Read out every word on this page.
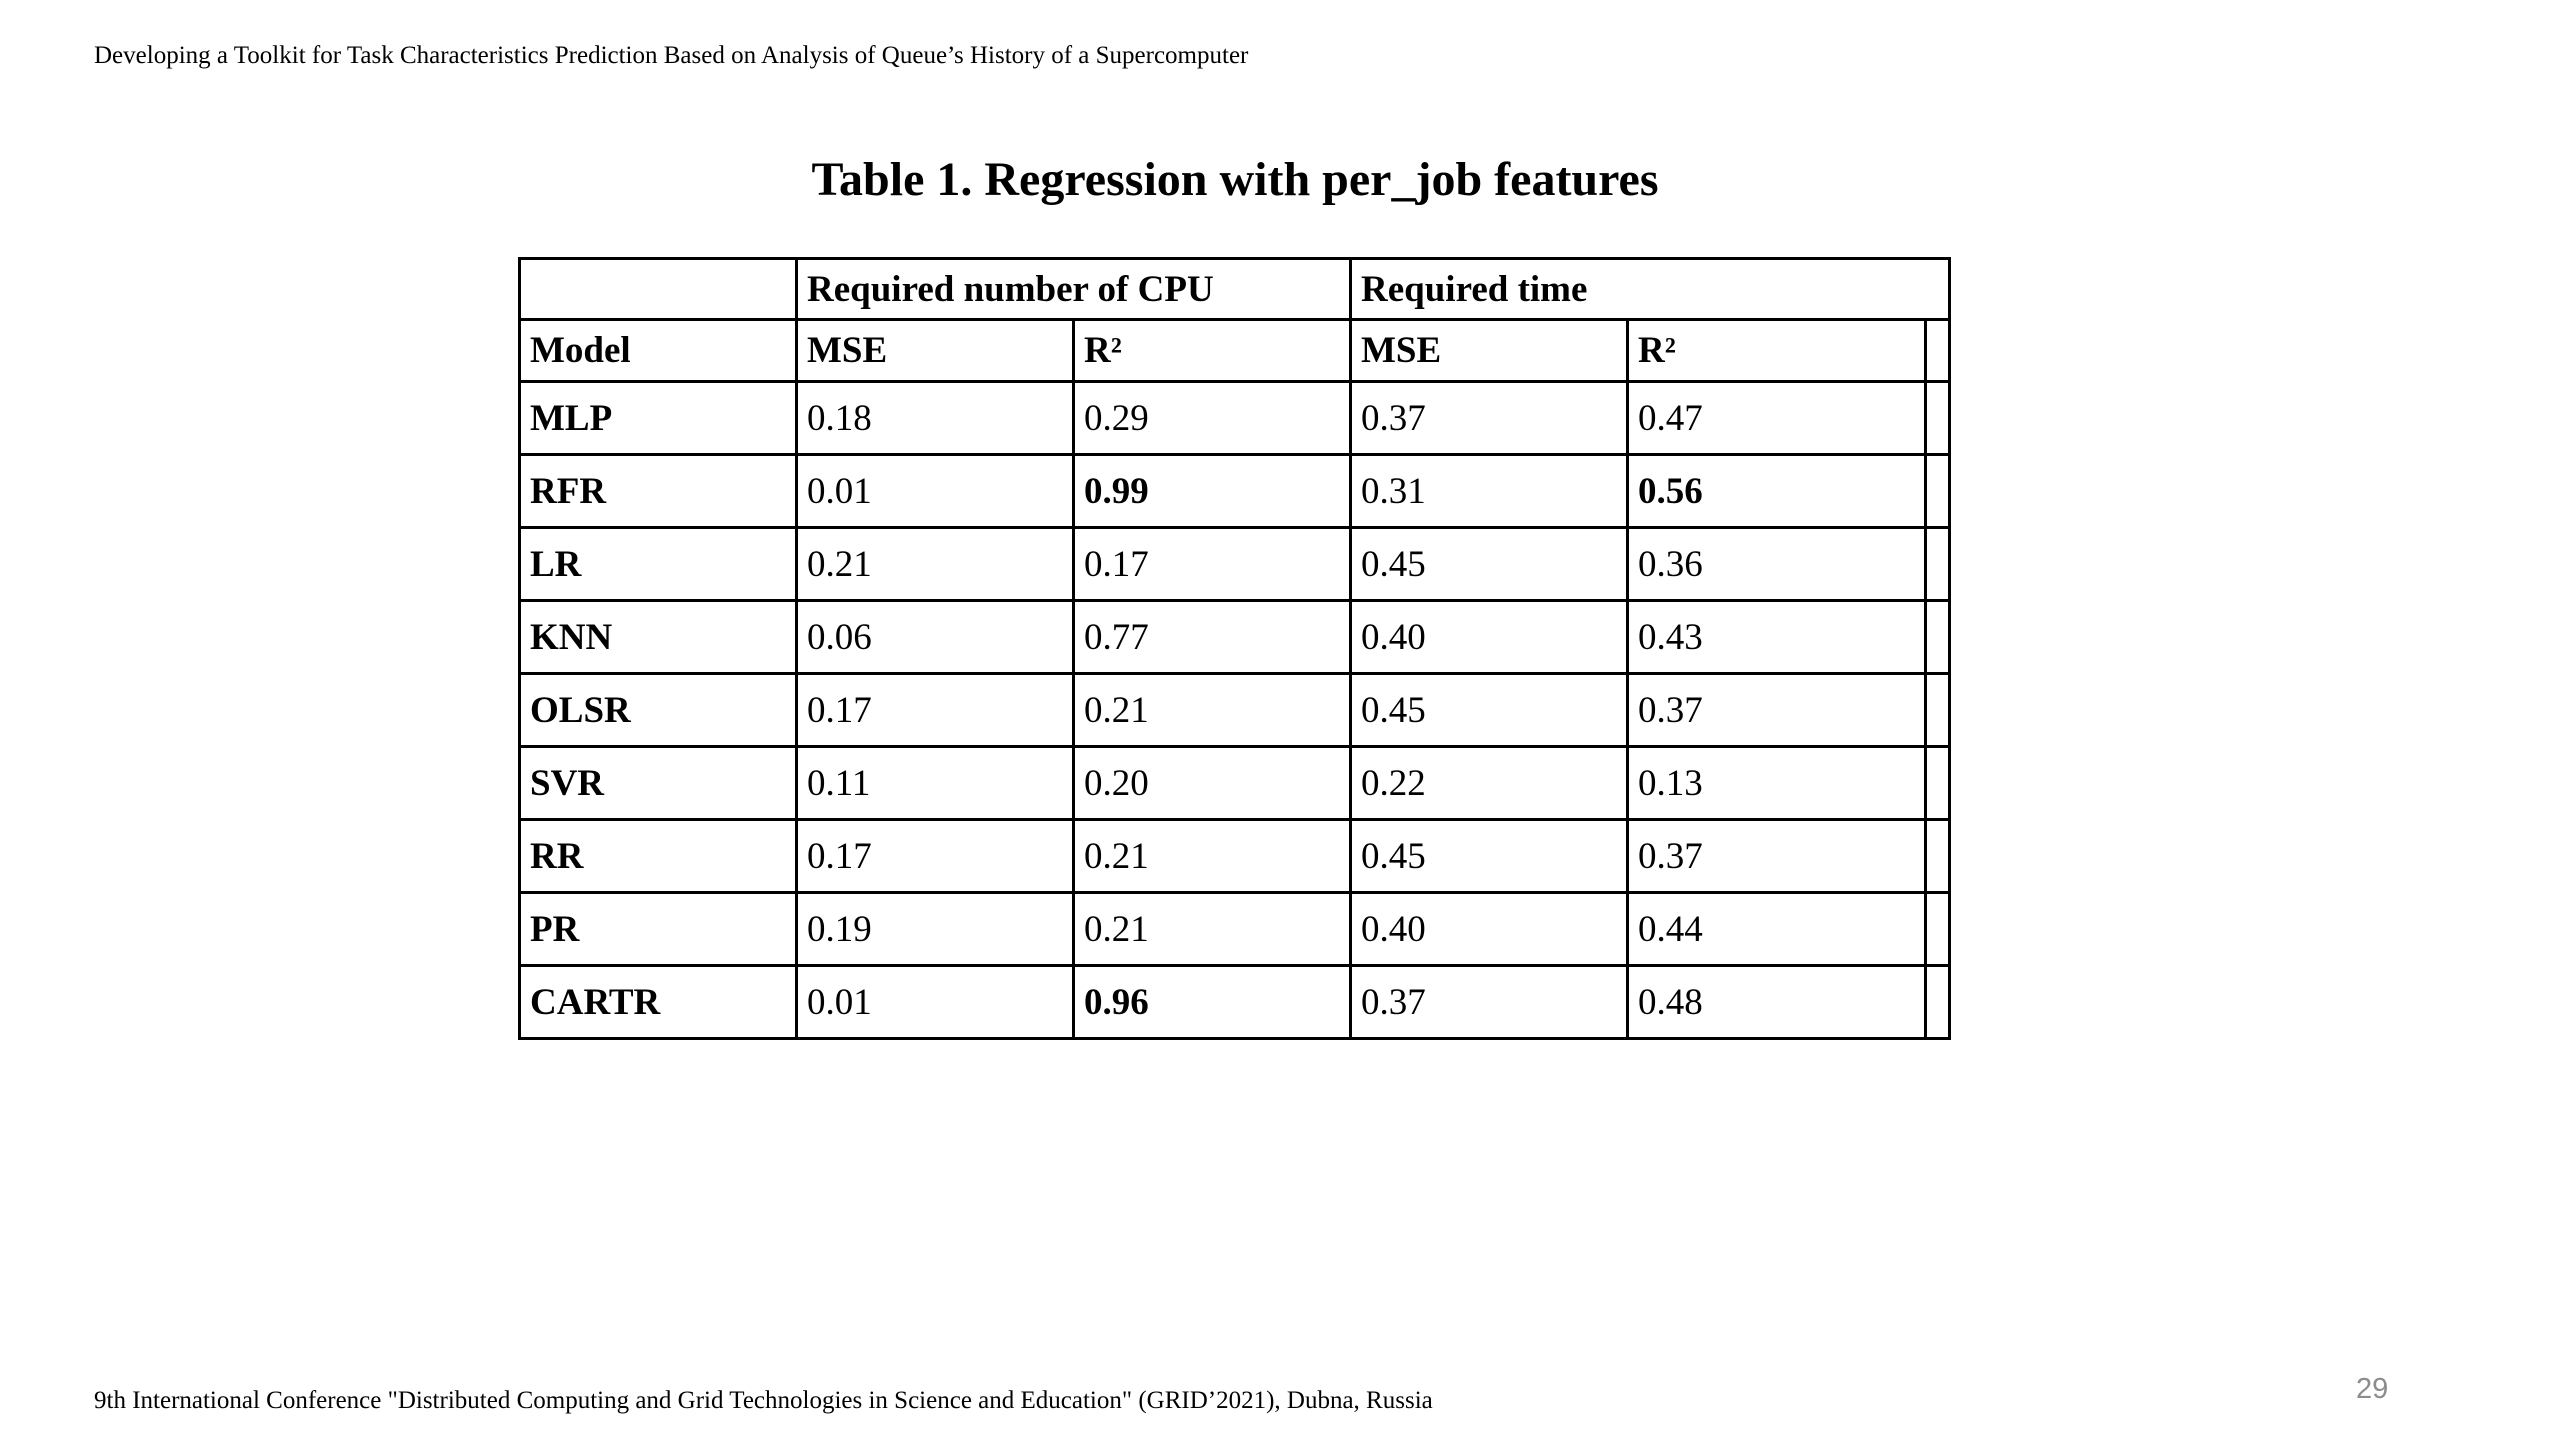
Developing a Toolkit for Task Characteristics Prediction Based on Analysis of Queue’s History of a Supercomputer
Table 1. Regression with per_job features
	Required number of CPU		Required time		
Model	MSE	R²	MSE	R²	
MLP	0.18	0.29	0.37	0.47	
RFR	0.01	0.99	0.31	0.56	
LR	0.21	0.17	0.45	0.36	
KNN	0.06	0.77	0.40	0.43	
OLSR	0.17	0.21	0.45	0.37	
SVR	0.11	0.20	0.22	0.13	
RR	0.17	0.21	0.45	0.37	
PR	0.19	0.21	0.40	0.44	
CARTR	0.01	0.96	0.37	0.48	
9th International Conference "Distributed Computing and Grid Technologies in Science and Education" (GRID’2021), Dubna, Russia	29
